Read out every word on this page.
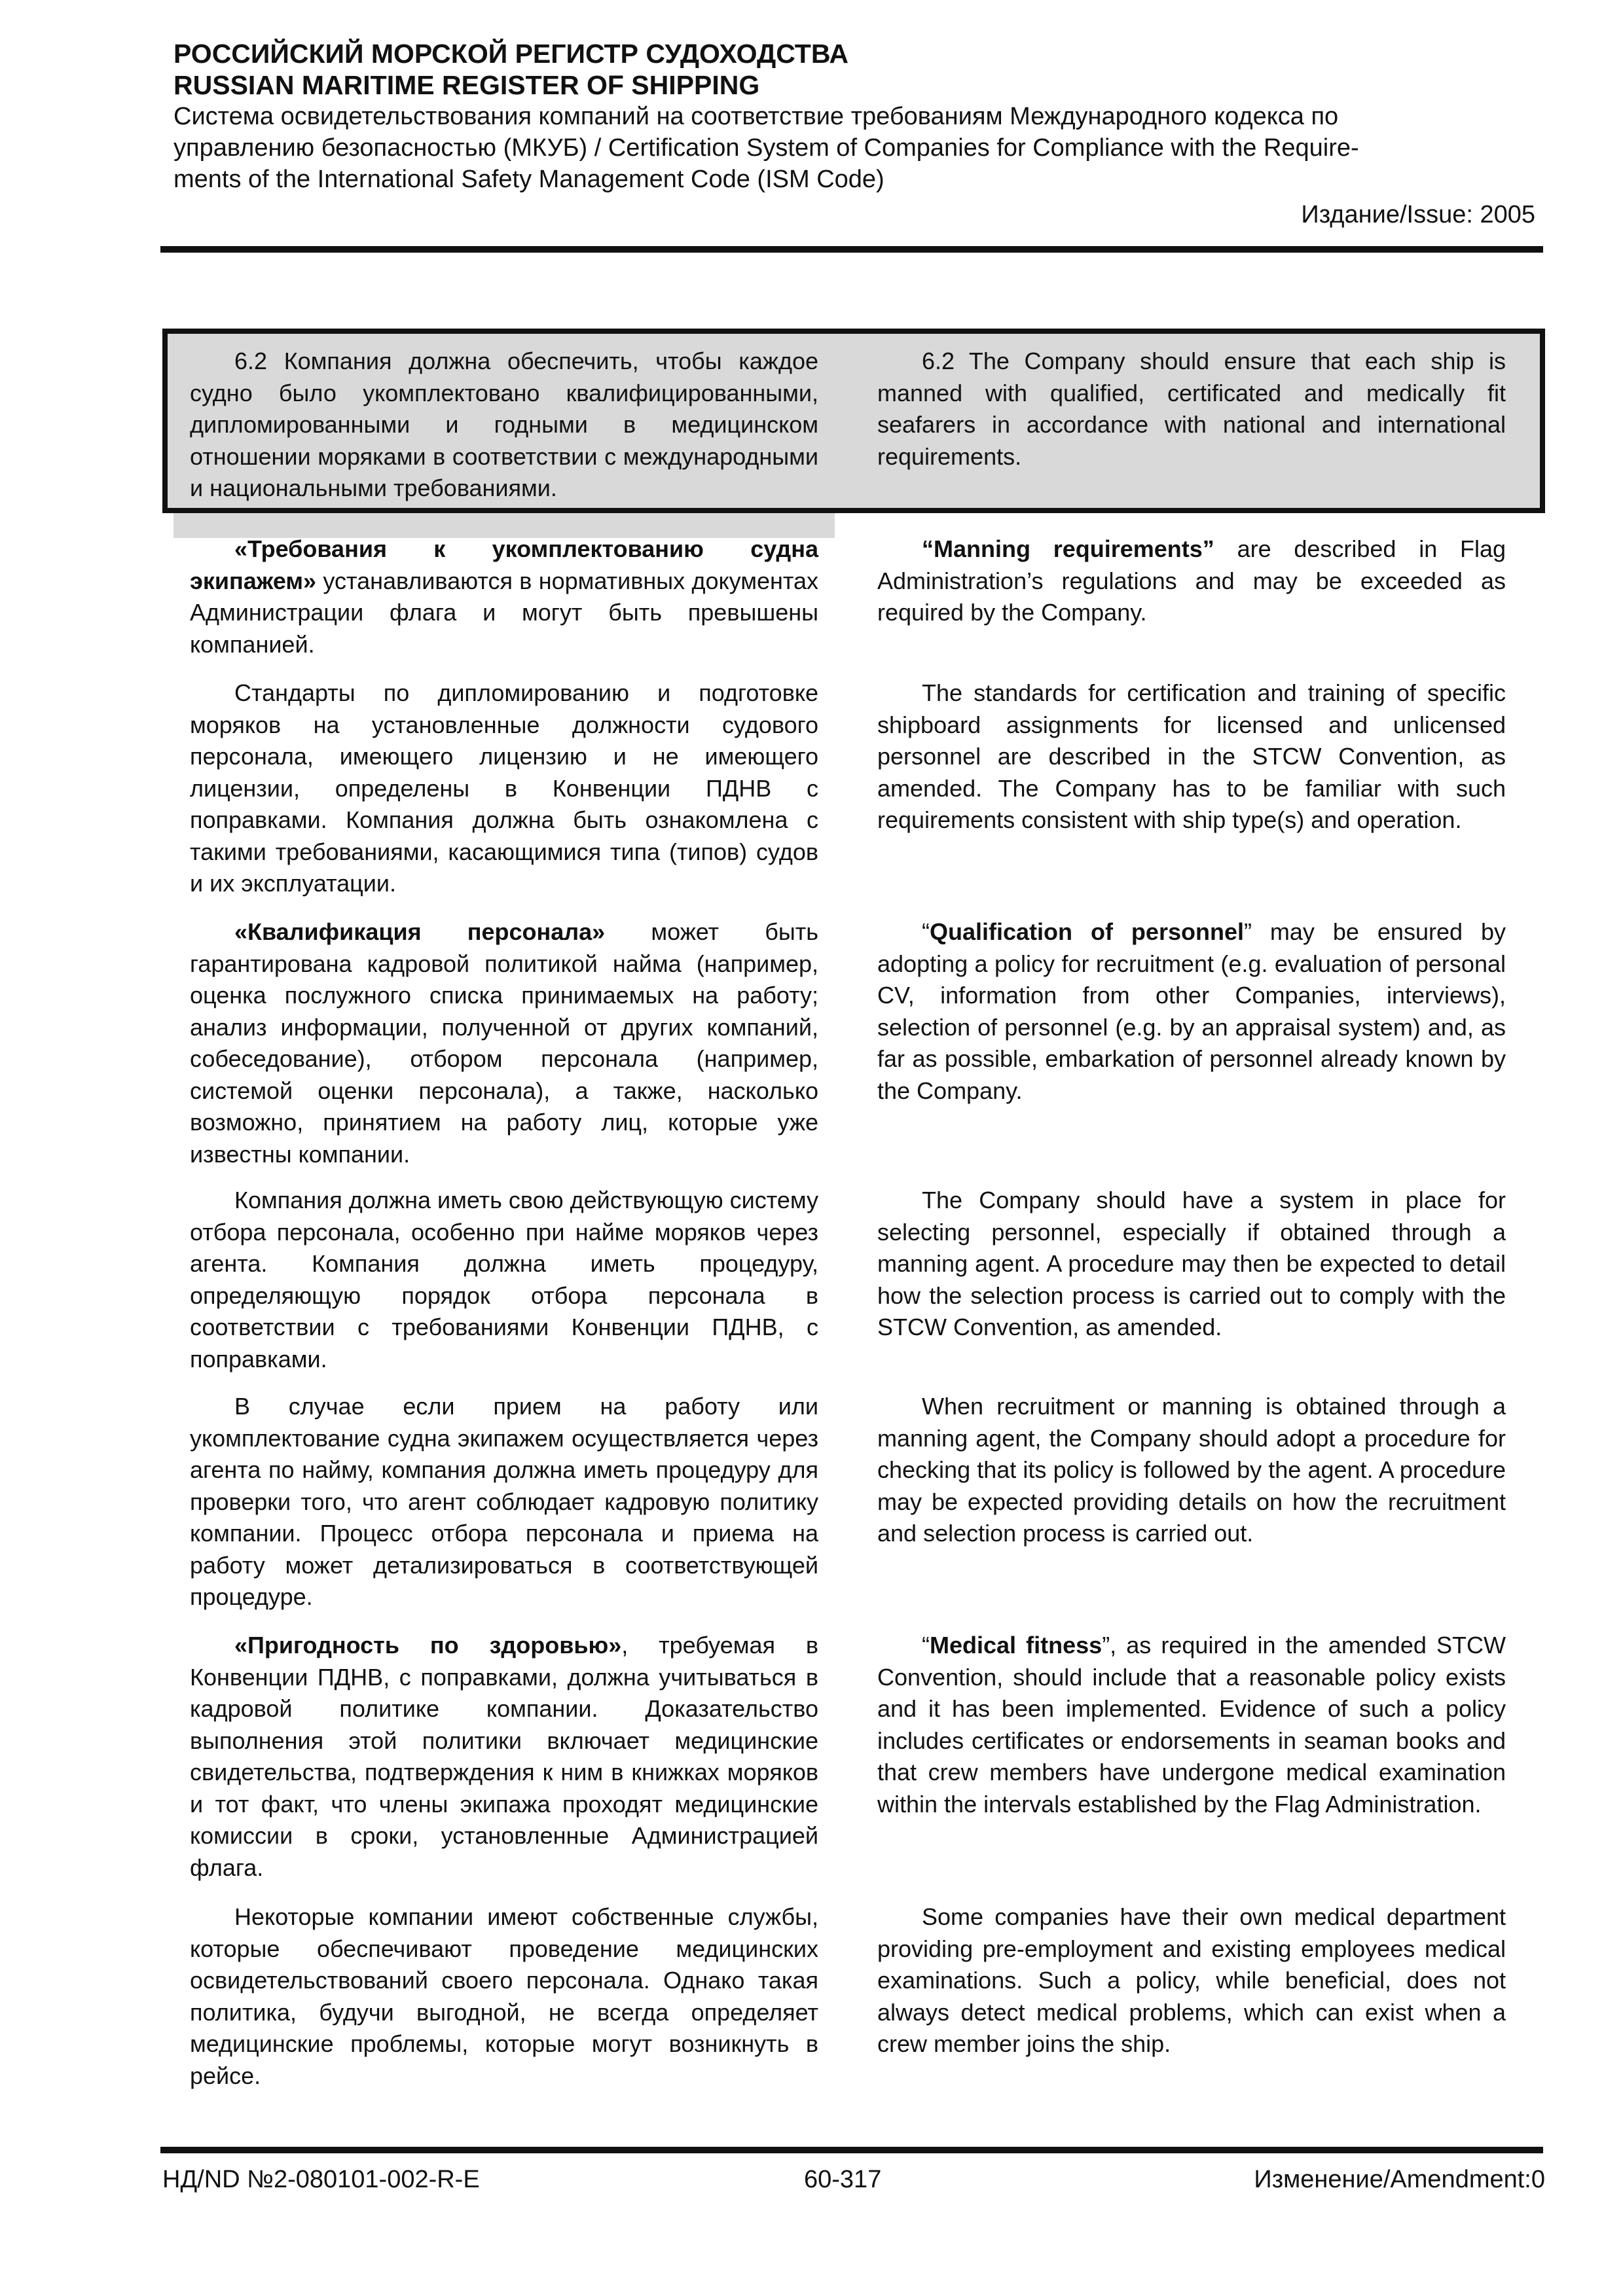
РОССИЙСКИЙ МОРСКОЙ РЕГИСТР СУДОХОДСТВА

RUSSIAN MARITIME REGISTER OF SHIPPING

Система освидетельствования компаний на соответствие требованиям Международного кодекса по

управлению безопасностью (МКУБ) / Certification System of Companies for Compliance with the Require-

ments of the International Safety Management Code (ISM Code)

Издание/Issue: 2005

6.2 Компания должна обеспечить, чтобы каждое судно было укомплектовано квалифицированными, дипломированными и годными в медицинском отношении моряками в соответствии с международными и национальными требованиями.

«Требования к укомплектованию судна экипажем» устанавливаются в нормативных документах Администрации флага и могут быть превышены компанией.

Стандарты по дипломированию и подготовке моряков на установленные должности судового персонала, имеющего лицензию и не имеющего лицензии, определены в Конвенции ПДНВ с поправками. Компания должна быть ознакомлена с такими требованиями, касающимися типа (типов) судов и их эксплуатации.

«Квалификация персонала» может быть гарантирована кадровой политикой найма (например, оценка послужного списка принимаемых на работу; анализ информации, полученной от других компаний, собеседование), отбором персонала (например, системой оценки персонала), а также, насколько возможно, принятием на работу лиц, которые уже известны компании.

Компания должна иметь свою действующую систему отбора персонала, особенно при найме моряков через агента. Компания должна иметь процедуру, определяющую порядок отбора персонала в соответствии с требованиями Конвенции ПДНВ, с поправками.

В случае если прием на работу или укомплектование судна экипажем осуществляется через агента по найму, компания должна иметь процедуру для проверки того, что агент соблюдает кадровую политику компании. Процесс отбора персонала и приема на работу может детализироваться в соответствующей процедуре.

«Пригодность по здоровью», требуемая в Конвенции ПДНВ, с поправками, должна учитываться в кадровой политике компании. Доказательство выполнения этой политики включает медицинские свидетельства, подтверждения к ним в книжках моряков и тот факт, что члены экипажа проходят медицинские комиссии в сроки, установленные Администрацией флага.

Некоторые компании имеют собственные службы, которые обеспечивают проведение медицинских освидетельствований своего персонала. Однако такая политика, будучи выгодной, не всегда определяет медицинские проблемы, которые могут возникнуть в рейсе.

6.2 The Company should ensure that each ship is manned with qualified, certificated and medically fit seafarers in accordance with national and international requirements.

“Manning requirements” are described in Flag Administration’s regulations and may be exceeded as required by the Company.

The standards for certification and training of specific shipboard assignments for licensed and unlicensed personnel are described in the STCW Convention, as amended. The Company has to be familiar with such requirements consistent with ship type(s) and operation.

“Qualification of personnel” may be ensured by adopting a policy for recruitment (e.g. evaluation of personal CV, information from other Companies, interviews), selection of personnel (e.g. by an appraisal system) and, as far as possible, embarkation of personnel already known by the Company.

The Company should have a system in place for selecting personnel, especially if obtained through a manning agent. A procedure may then be expected to detail how the selection process is carried out to comply with the STCW Convention, as amended.

When recruitment or manning is obtained through a manning agent, the Company should adopt a procedure for checking that its policy is followed by the agent. A procedure may be expected providing details on how the recruitment and selection process is carried out.

“Medical fitness”, as required in the amended STCW Convention, should include that a reasonable policy exists and it has been implemented. Evidence of such a policy includes certificates or endorsements in seaman books and that crew members have undergone medical examination within the intervals established by the Flag Administration.

Some companies have their own medical department providing pre-employment and existing employees medical examinations. Such a policy, while beneficial, does not always detect medical problems, which can exist when a crew member joins the ship.

НД/ND №2-080101-002-R-E	60-317	Изменение/Amendment:0
